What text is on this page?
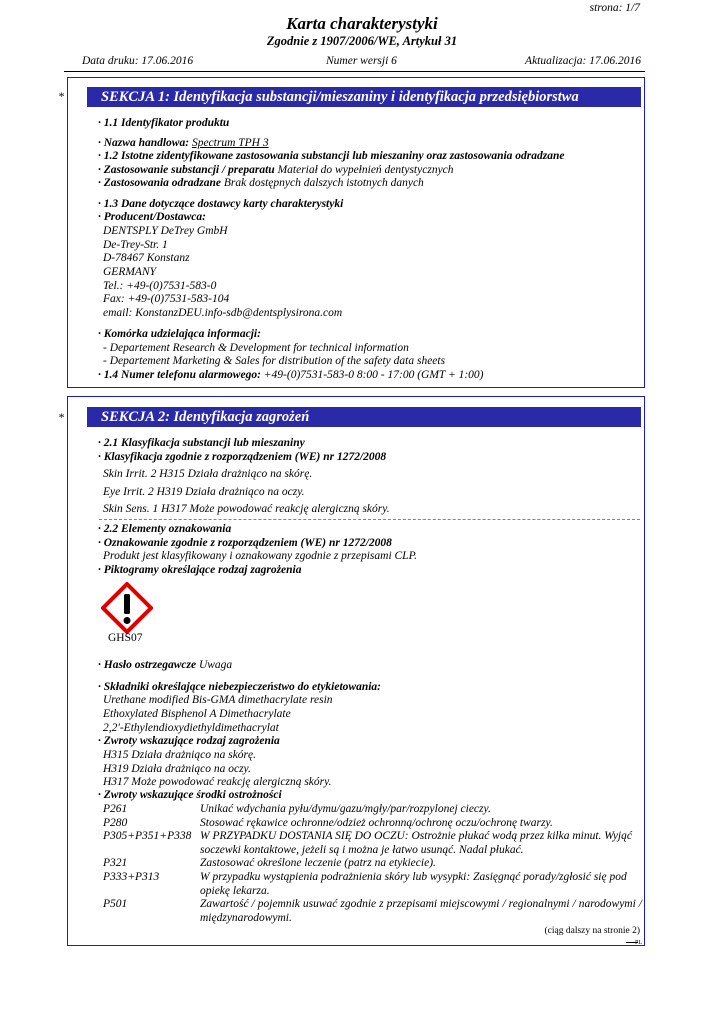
strona: 1/7
Karta charakterystyki
Zgodnie z 1907/2006/WE, Artykuł 31
Data druku: 17.06.2016	Numer wersji 6	Aktualizacja: 17.06.2016
*	SEKCJA 1: Identyfikacja substancji/mieszaniny i identyfikacja przedsiębiorstwa
· 1.1 Identyfikator produktu
· Nazwa handlowa: Spectrum TPH 3
· 1.2 Istotne zidentyfikowane zastosowania substancji lub mieszaniny oraz zastosowania odradzane
· Zastosowanie substancji / preparatu Materiał do wypełnień dentystycznych
· Zastosowania odradzane Brak dostępnych dalszych istotnych danych
· 1.3 Dane dotyczące dostawcy karty charakterystyki
· Producent/Dostawca:
DENTSPLY DeTrey GmbH
De-Trey-Str. 1
D-78467 Konstanz
GERMANY
Tel.: +49-(0)7531-583-0
Fax: +49-(0)7531-583-104
email: KonstanzDEU.info-sdb@dentsplysirona.com
· Komórka udzielająca informacji:
- Departement Research & Development for technical information
- Departement Marketing & Sales for distribution of the safety data sheets
· 1.4 Numer telefonu alarmowego: +49-(0)7531-583-0 8:00 - 17:00 (GMT + 1:00)
*	SEKCJA 2: Identyfikacja zagrożeń
· 2.1 Klasyfikacja substancji lub mieszaniny
· Klasyfikacja zgodnie z rozporządzeniem (WE) nr 1272/2008
Skin Irrit. 2 H315 Działa drażniąco na skórę.
Eye Irrit. 2 H319 Działa drażniąco na oczy.
Skin Sens. 1 H317 Może powodować reakcję alergiczną skóry.
· 2.2 Elementy oznakowania
· Oznakowanie zgodnie z rozporządzeniem (WE) nr 1272/2008
Produkt jest klasyfikowany i oznakowany zgodnie z przepisami CLP.
· Piktogramy określające rodzaj zagrożenia
GHS07
· Hasło ostrzegawcze Uwaga
· Składniki określające niebezpieczeństwo do etykietowania:
Urethane modified Bis-GMA dimethacrylate resin
Ethoxylated Bisphenol A Dimethacrylate
2,2'-Ethylendioxydiethyldimethacrylat
· Zwroty wskazujące rodzaj zagrożenia
H315 Działa drażniąco na skórę.
H319 Działa drażniąco na oczy.
H317 Może powodować reakcję alergiczną skóry.
· Zwroty wskazujące środki ostrożności
P261	Unikać wdychania pyłu/dymu/gazu/mgły/par/rozpylonej cieczy.
P280	Stosować rękawice ochronne/odzież ochronną/ochronę oczu/ochronę twarzy.
P305+P351+P338 W PRZYPADKU DOSTANIA SIĘ DO OCZU: Ostrożnie płukać wodą przez kilka minut. Wyjąć soczewki kontaktowe, jeżeli są i można je łatwo usunąć. Nadal płukać.
P321	Zastosować określone leczenie (patrz na etykiecie).
P333+P313	W przypadku wystąpienia podrażnienia skóry lub wysypki: Zasięgnąć porady/zgłosić się pod opiekę lekarza.
P501	Zawartość / pojemnik usuwać zgodnie z przepisami miejscowymi / regionalnymi / narodowymi / międzynarodowymi.
(ciąg dalszy na stronie 2)
PL
